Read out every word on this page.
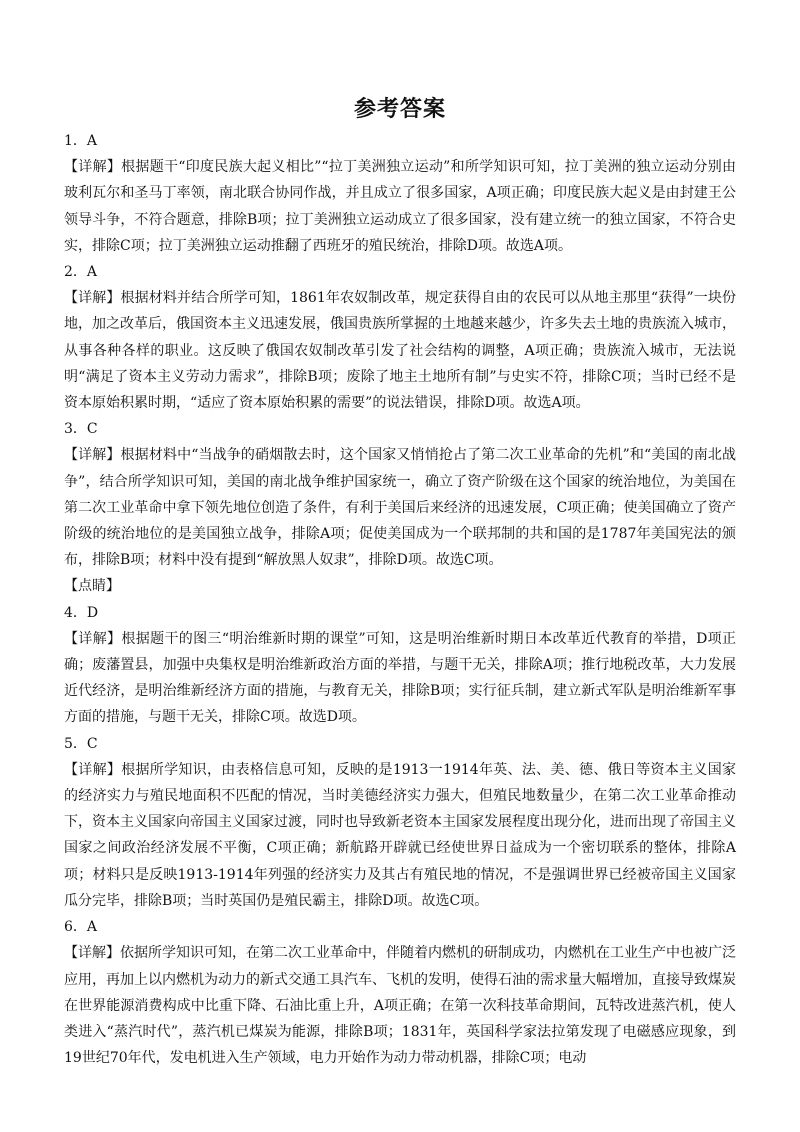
参考答案
1．A

【详解】根据题干“印度民族大起义相比”“拉丁美洲独立运动”和所学知识可知，拉丁美洲的独立运动分别由玻利瓦尔和圣马丁率领，南北联合协同作战，并且成立了很多国家，A项正确；印度民族大起义是由封建王公领导斗争，不符合题意，排除B项；拉丁美洲独立运动成立了很多国家，没有建立统一的独立国家，不符合史实，排除C项；拉丁美洲独立运动推翻了西班牙的殖民统治，排除D项。故选A项。

2．A

【详解】根据材料并结合所学可知，1861年农奴制改革，规定获得自由的农民可以从地主那里“获得”一块份地，加之改革后，俄国资本主义迅速发展，俄国贵族所掌握的土地越来越少，许多失去土地的贵族流入城市，从事各种各样的职业。这反映了俄国农奴制改革引发了社会结构的调整，A项正确；贵族流入城市，无法说明“满足了资本主义劳动力需求”，排除B项；废除了地主土地所有制”与史实不符，排除C项；当时已经不是资本原始积累时期，“适应了资本原始积累的需要”的说法错误，排除D项。故选A项。

3．C

【详解】根据材料中“当战争的硝烟散去时，这个国家又悄悄抢占了第二次工业革命的先机”和“美国的南北战争”，结合所学知识可知，美国的南北战争维护国家统一，确立了资产阶级在这个国家的统治地位，为美国在第二次工业革命中拿下领先地位创造了条件，有利于美国后来经济的迅速发展，C项正确；使美国确立了资产阶级的统治地位的是美国独立战争，排除A项；促使美国成为一个联邦制的共和国的是1787年美国宪法的颁布，排除B项；材料中没有提到“解放黑人奴隶”，排除D项。故选C项。

【点睛】

4．D

【详解】根据题干的图三“明治维新时期的课堂”可知，这是明治维新时期日本改革近代教育的举措，D项正确；废藩置县，加强中央集权是明治维新政治方面的举措，与题干无关，排除A项；推行地税改革，大力发展近代经济，是明治维新经济方面的措施，与教育无关，排除B项；实行征兵制，建立新式军队是明治维新军事方面的措施，与题干无关，排除C项。故选D项。

5．C

【详解】根据所学知识，由表格信息可知，反映的是1913一1914年英、法、美、德、俄日等资本主义国家的经济实力与殖民地面积不匹配的情况，当时美德经济实力强大，但殖民地数量少，在第二次工业革命推动下，资本主义国家向帝国主义国家过渡，同时也导致新老资本主国家发展程度出现分化，进而出现了帝国主义国家之间政治经济发展不平衡，C项正确；新航路开辟就已经使世界日益成为一个密切联系的整体，排除A项；材料只是反映1913-1914年列强的经济实力及其占有殖民地的情况，不是强调世界已经被帝国主义国家瓜分完毕，排除B项；当时英国仍是殖民霸主，排除D项。故选C项。

6．A

【详解】依据所学知识可知，在第二次工业革命中，伴随着内燃机的研制成功，内燃机在工业生产中也被广泛应用，再加上以内燃机为动力的新式交通工具汽车、飞机的发明，使得石油的需求量大幅增加，直接导致煤炭在世界能源消费构成中比重下降、石油比重上升，A项正确；在第一次科技革命期间，瓦特改进蒸汽机，使人类进入“蒸汽时代”，蒸汽机已煤炭为能源，排除B项；1831年，英国科学家法拉第发现了电磁感应现象，到19世纪70年代，发电机进入生产领域，电力开始作为动力带动机器，排除C项；电动
